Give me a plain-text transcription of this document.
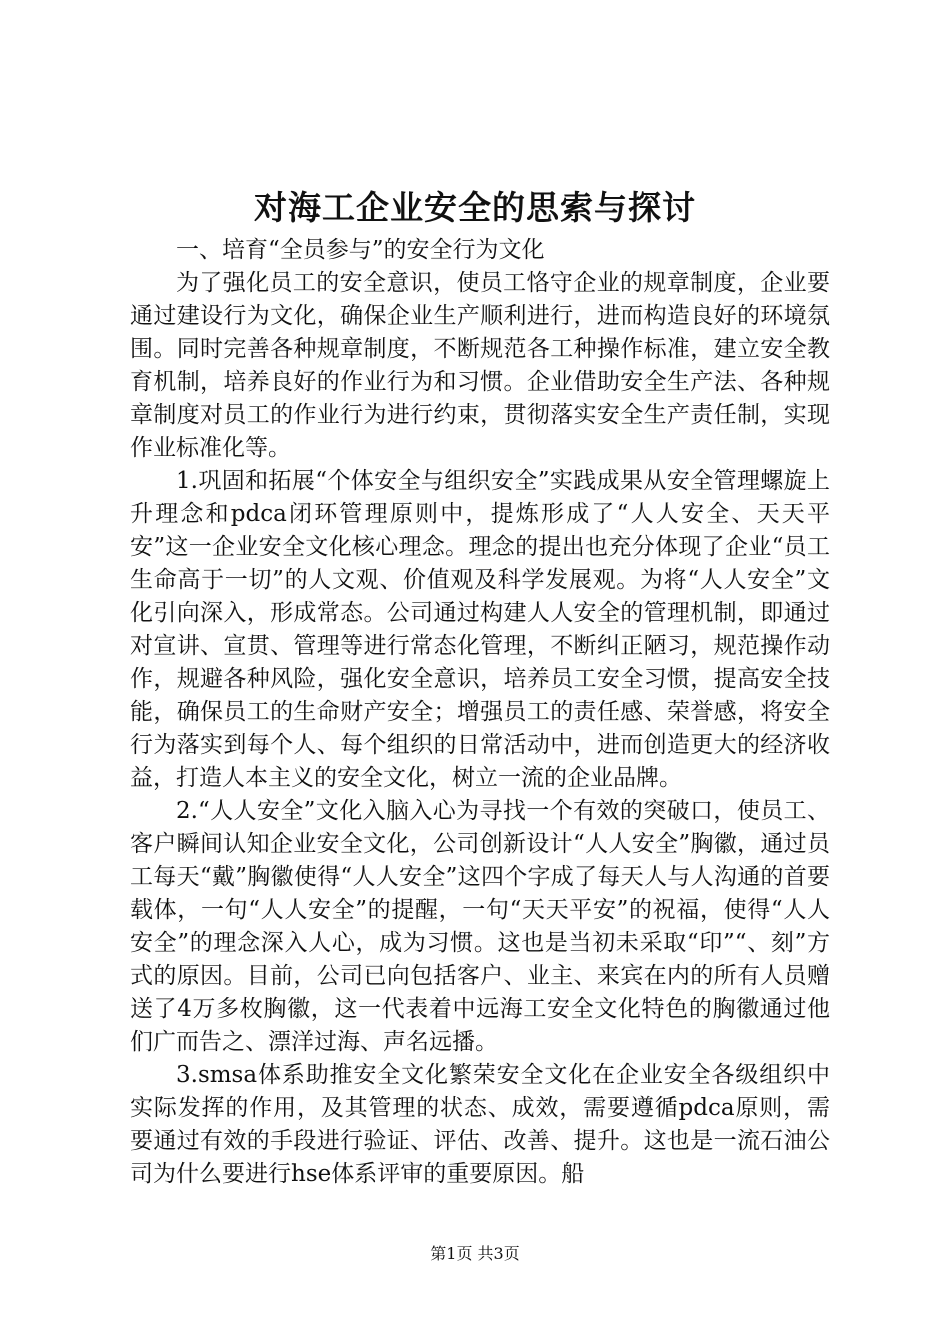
对海工企业安全的思索与探讨

一、培育“全员参与”的安全行为文化

为了强化员工的安全意识，使员工恪守企业的规章制度，企业要通过建设行为文化，确保企业生产顺利进行，进而构造良好的环境氛围。同时完善各种规章制度，不断规范各工种操作标准，建立安全教育机制，培养良好的作业行为和习惯。企业借助安全生产法、各种规章制度对员工的作业行为进行约束，贯彻落实安全生产责任制，实现作业标准化等。

1.巩固和拓展“个体安全与组织安全”实践成果从安全管理螺旋上升理念和pdca闭环管理原则中，提炼形成了“人人安全、天天平安”这一企业安全文化核心理念。理念的提出也充分体现了企业“员工生命高于一切”的人文观、价值观及科学发展观。为将“人人安全”文化引向深入，形成常态。公司通过构建人人安全的管理机制，即通过对宣讲、宣贯、管理等进行常态化管理，不断纠正陋习，规范操作动作，规避各种风险，强化安全意识，培养员工安全习惯，提高安全技能，确保员工的生命财产安全；增强员工的责任感、荣誉感，将安全行为落实到每个人、每个组织的日常活动中，进而创造更大的经济收益，打造人本主义的安全文化，树立一流的企业品牌。

2.“人人安全”文化入脑入心为寻找一个有效的突破口，使员工、客户瞬间认知企业安全文化，公司创新设计“人人安全”胸徽，通过员工每天“戴”胸徽使得“人人安全”这四个字成了每天人与人沟通的首要载体，一句“人人安全”的提醒，一句“天天平安”的祝福，使得“人人安全”的理念深入人心，成为习惯。这也是当初未采取“印”“、刻”方式的原因。目前，公司已向包括客户、业主、来宾在内的所有人员赠送了4万多枚胸徽，这一代表着中远海工安全文化特色的胸徽通过他们广而告之、漂洋过海、声名远播。

3.smsa体系助推安全文化繁荣安全文化在企业安全各级组织中实际发挥的作用，及其管理的状态、成效，需要遵循pdca原则，需要通过有效的手段进行验证、评估、改善、提升。这也是一流石油公司为什么要进行hse体系评审的重要原因。船

第1页 共3页
